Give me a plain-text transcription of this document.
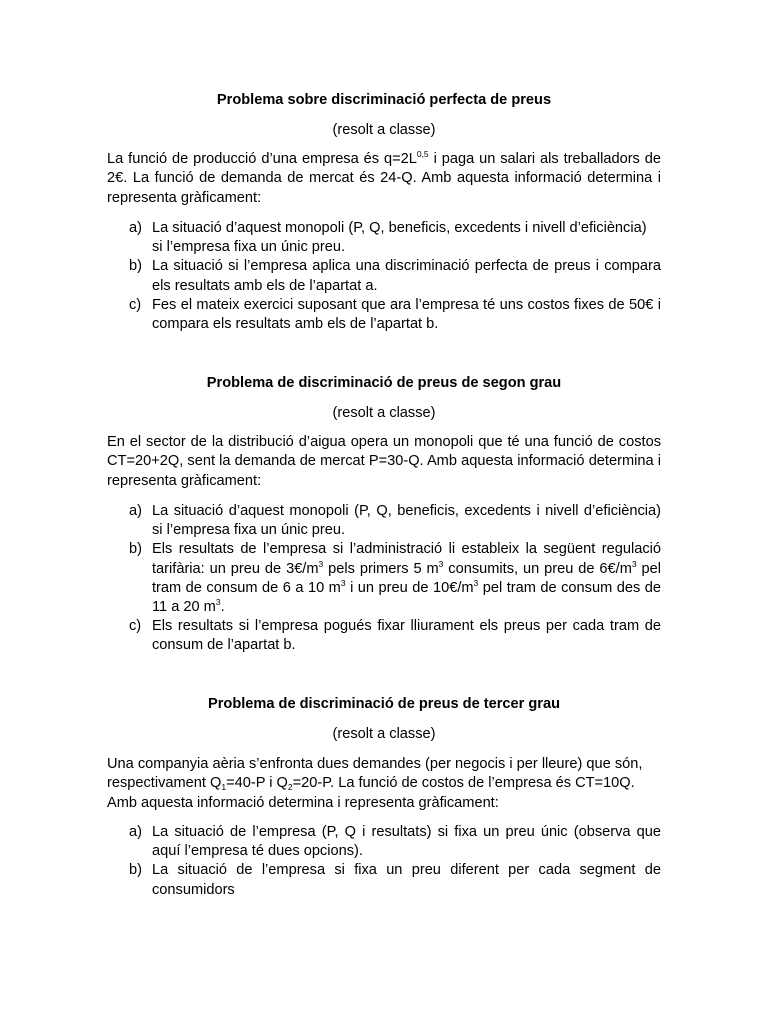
Problema sobre discriminació perfecta de preus

(resolt a classe)

La funció de producció d’una empresa és $q=2L^{0,5}$ i paga un salari als treballadors de 2€. La funció de demanda de mercat és 24-Q. Amb aquesta informació determina i representa gràficament:

a) La situació d’aquest monopoli (P, Q, beneficis, excedents i nivell d’eficiència) si l’empresa fixa un únic preu.
b) La situació si l’empresa aplica una discriminació perfecta de preus i compara els resultats amb els de l’apartat a.
c) Fes el mateix exercici suposant que ara l’empresa té uns costos fixes de 50€ i compara els resultats amb els de l’apartat b.

Problema de discriminació de preus de segon grau

(resolt a classe)

En el sector de la distribució d’aigua opera un monopoli que té una funció de costos CT=20+2Q, sent la demanda de mercat P=30-Q. Amb aquesta informació determina i representa gràficament:

a) La situació d’aquest monopoli (P, Q, beneficis, excedents i nivell d’eficiència) si l’empresa fixa un únic preu.
b) Els resultats de l’empresa si l’administració li estableix la següent regulació tarifària: un preu de $3€/m^3$ pels primers 5 $m^3$ consumits, un preu de $6€/m^3$ pel tram de consum de 6 a 10 $m^3$ i un preu de $10€/m^3$ pel tram de consum des de 11 a 20 $m^3$.
c) Els resultats si l’empresa pogués fixar lliurament els preus per cada tram de consum de l’apartat b.

Problema de discriminació de preus de tercer grau

(resolt a classe)

Una companyia aèria s’enfronta dues demandes (per negocis i per lleure) que són, respectivament $Q_1=40-P$ i $Q_2=20-P$. La funció de costos de l’empresa és CT=10Q. Amb aquesta informació determina i representa gràficament:

a) La situació de l’empresa (P, Q i resultats) si fixa un preu únic (observa que aquí l’empresa té dues opcions).
b) La situació de l’empresa si fixa un preu diferent per cada segment de consumidors
